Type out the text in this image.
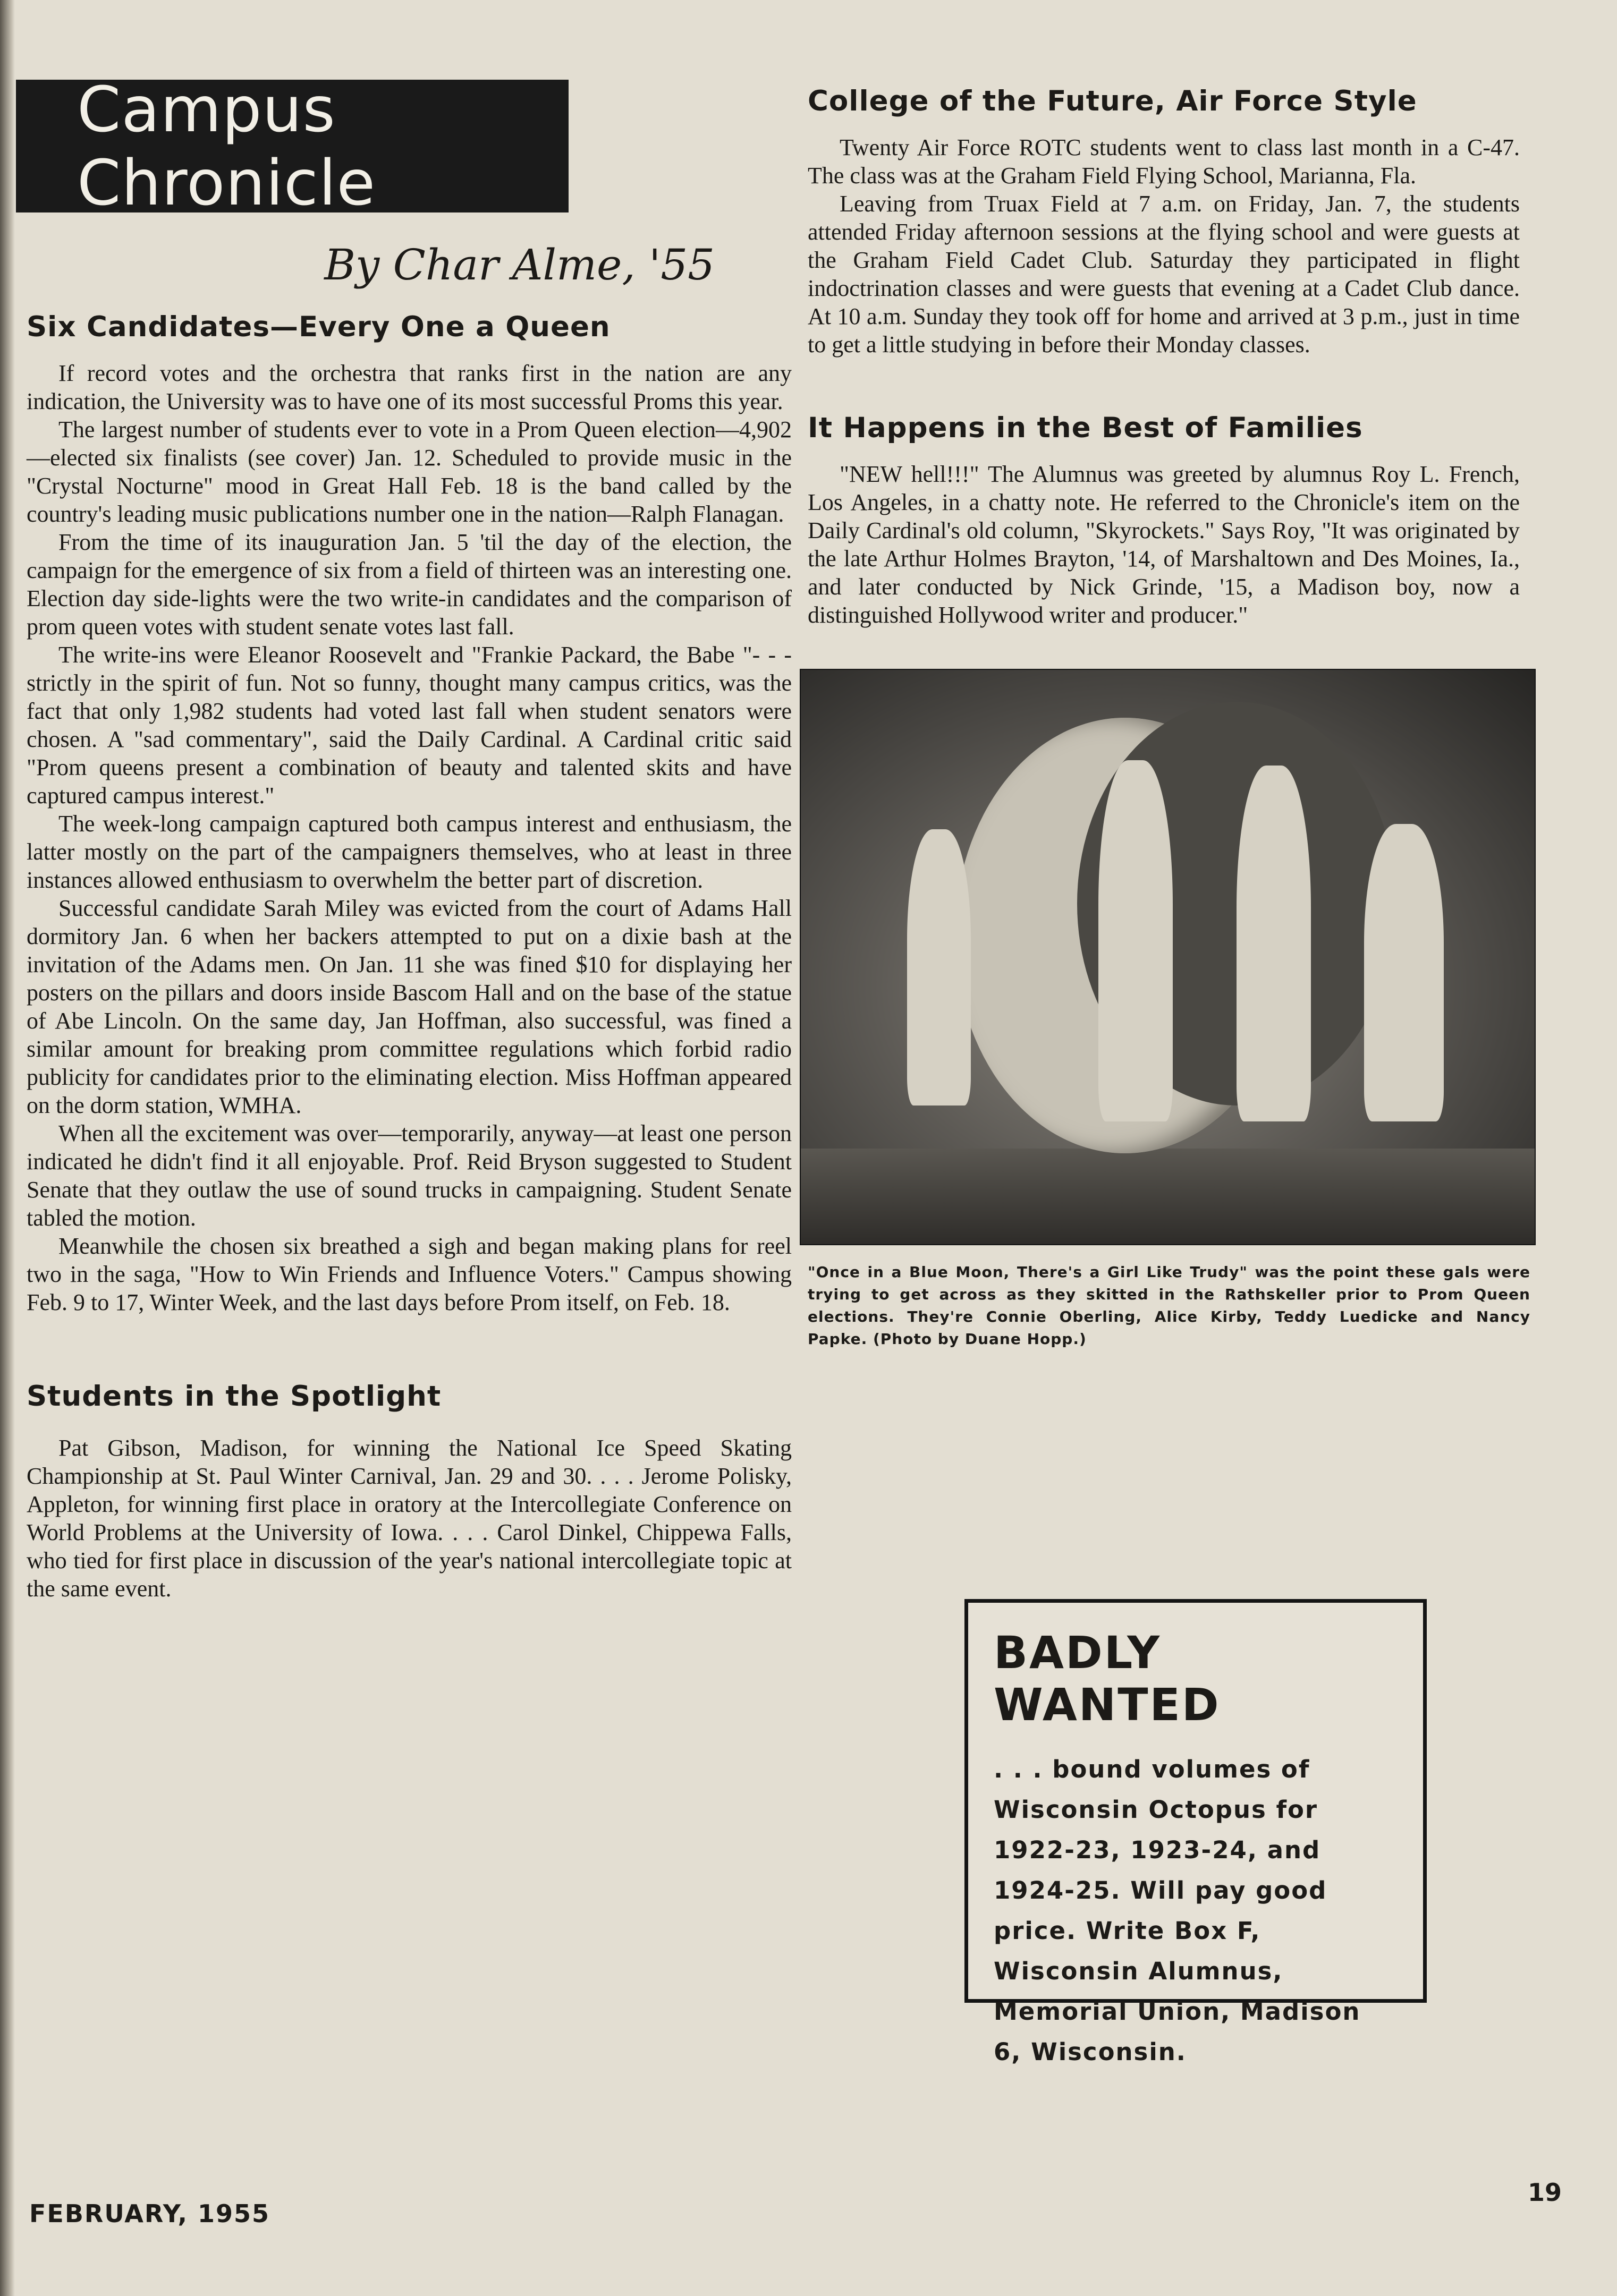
Campus Chronicle
By Char Alme, '55
Six Candidates—Every One a Queen

If record votes and the orchestra that ranks first in the nation are any indication, the University was to have one of its most successful Proms this year.

The largest number of students ever to vote in a Prom Queen election—4,902—elected six finalists (see cover) Jan. 12. Scheduled to provide music in the "Crystal Nocturne" mood in Great Hall Feb. 18 is the band called by the country's leading music publications number one in the nation—Ralph Flanagan.

From the time of its inauguration Jan. 5 'til the day of the election, the campaign for the emergence of six from a field of thirteen was an interesting one. Election day side-lights were the two write-in candidates and the comparison of prom queen votes with student senate votes last fall.

The write-ins were Eleanor Roosevelt and "Frankie Packard, the Babe "- - - strictly in the spirit of fun. Not so funny, thought many campus critics, was the fact that only 1,982 students had voted last fall when student senators were chosen. A "sad commentary", said the Daily Cardinal. A Cardinal critic said "Prom queens present a combination of beauty and talented skits and have captured campus interest."

The week-long campaign captured both campus interest and enthusiasm, the latter mostly on the part of the campaigners themselves, who at least in three instances allowed enthusiasm to overwhelm the better part of discretion.

Successful candidate Sarah Miley was evicted from the court of Adams Hall dormitory Jan. 6 when her backers attempted to put on a dixie bash at the invitation of the Adams men. On Jan. 11 she was fined $10 for displaying her posters on the pillars and doors inside Bascom Hall and on the base of the statue of Abe Lincoln. On the same day, Jan Hoffman, also successful, was fined a similar amount for breaking prom committee regulations which forbid radio publicity for candidates prior to the eliminating election. Miss Hoffman appeared on the dorm station, WMHA.

When all the excitement was over—temporarily, anyway—at least one person indicated he didn't find it all enjoyable. Prof. Reid Bryson suggested to Student Senate that they outlaw the use of sound trucks in campaigning. Student Senate tabled the motion.

Meanwhile the chosen six breathed a sigh and began making plans for reel two in the saga, "How to Win Friends and Influence Voters." Campus showing Feb. 9 to 17, Winter Week, and the last days before Prom itself, on Feb. 18.

Students in the Spotlight

Pat Gibson, Madison, for winning the National Ice Speed Skating Championship at St. Paul Winter Carnival, Jan. 29 and 30. . . . Jerome Polisky, Appleton, for winning first place in oratory at the Intercollegiate Conference on World Problems at the University of Iowa. . . . Carol Dinkel, Chippewa Falls, who tied for first place in discussion of the year's national intercollegiate topic at the same event.

College of the Future, Air Force Style

Twenty Air Force ROTC students went to class last month in a C-47. The class was at the Graham Field Flying School, Marianna, Fla.

Leaving from Truax Field at 7 a.m. on Friday, Jan. 7, the students attended Friday afternoon sessions at the flying school and were guests at the Graham Field Cadet Club. Saturday they participated in flight indoctrination classes and were guests that evening at a Cadet Club dance. At 10 a.m. Sunday they took off for home and arrived at 3 p.m., just in time to get a little studying in before their Monday classes.

It Happens in the Best of Families

"NEW hell!!!" The Alumnus was greeted by alumnus Roy L. French, Los Angeles, in a chatty note. He referred to the Chronicle's item on the Daily Cardinal's old column, "Skyrockets." Says Roy, "It was originated by the late Arthur Holmes Brayton, '14, of Marshaltown and Des Moines, Ia., and later conducted by Nick Grinde, '15, a Madison boy, now a distinguished Hollywood writer and producer."

"Once in a Blue Moon, There's a Girl Like Trudy" was the point these gals were trying to get across as they skitted in the Rathskeller prior to Prom Queen elections. They're Connie Oberling, Alice Kirby, Teddy Luedicke and Nancy Papke. (Photo by Duane Hopp.)
BADLY WANTED
. . . bound volumes of Wisconsin Octopus for 1922-23, 1923-24, and 1924-25. Will pay good price. Write Box F, Wisconsin Alumnus, Memorial Union, Madison 6, Wisconsin.
FEBRUARY, 1955
19
